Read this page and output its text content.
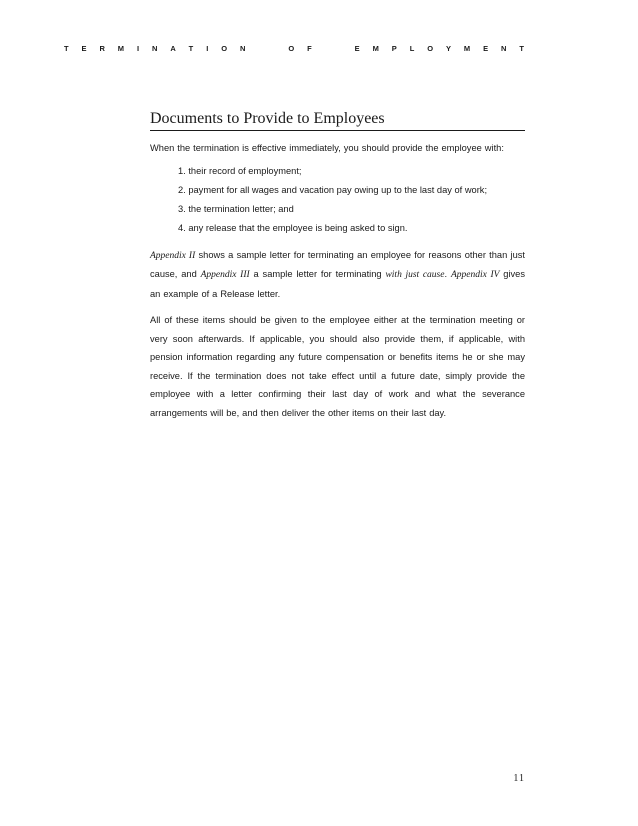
T E R M I N A T I O N

	O F

	E M P L O Y M E N T
Documents to Provide to Employees

When the termination is effective immediately, you should provide the employee with:

1. their record of employment;
2. payment for all wages and vacation pay owing up to the last day of work;
3. the termination letter; and
4. any release that the employee is being asked to sign.

Appendix II shows a sample letter for terminating an employee for reasons other than just cause, and Appendix III a sample letter for terminating with just cause. Appendix IV gives an example of a Release letter.

All of these items should be given to the employee either at the termination meeting or very soon afterwards. If applicable, you should also provide them, if applicable, with pension information regarding any future compensation or benefits items he or she may receive. If the termination does not take effect until a future date, simply provide the employee with a letter confirming their last day of work and what the severance arrangements will be, and then deliver the other items on their last day.

11
